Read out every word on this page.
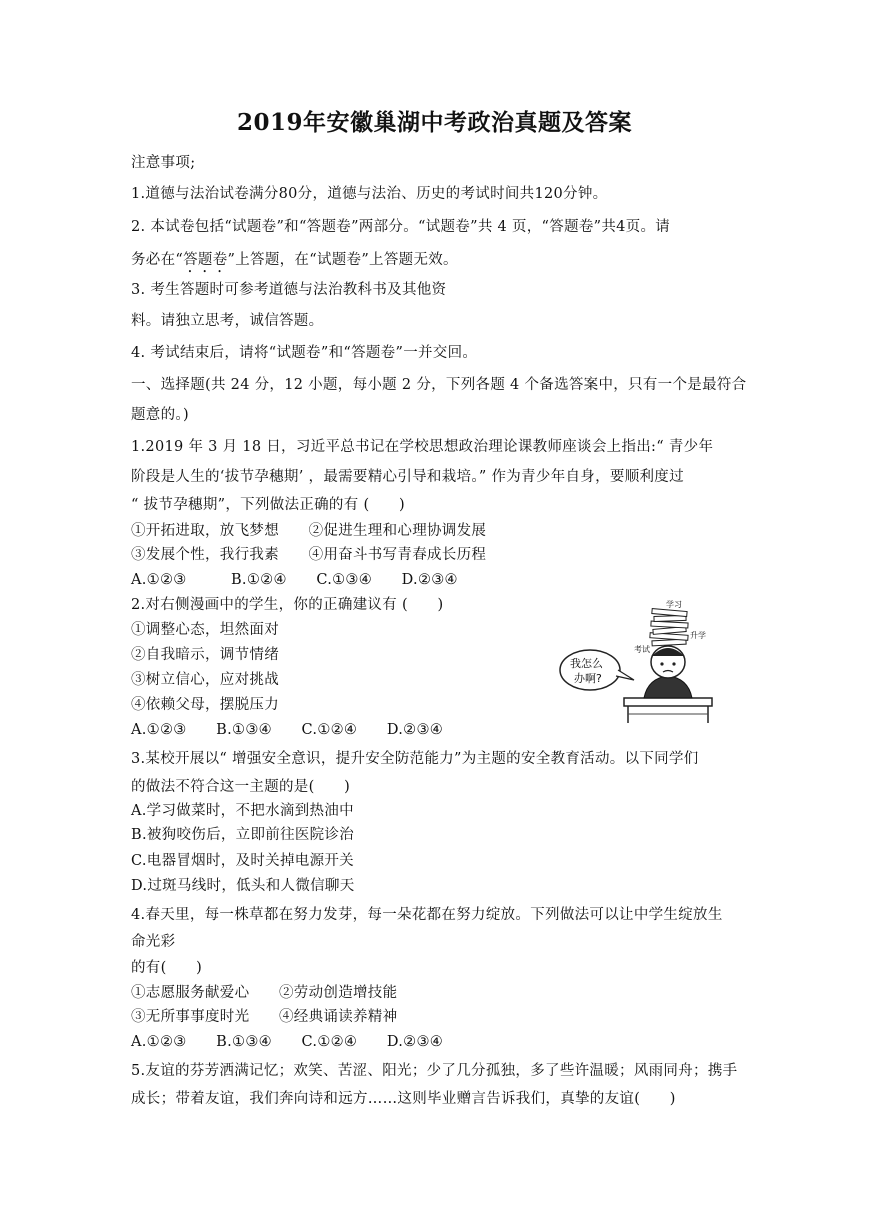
2019年安徽巢湖中考政治真题及答案
注意事项;
1.道德与法治试卷满分80分，道德与法治、历史的考试时间共120分钟。
2. 本试卷包括“试题卷”和“答题卷”两部分。“试题卷”共 4 页，“答题卷”共4页。请
务必在“答题卷”上答题，在“试题卷”上答题无效。
3. 考生答题时可参考道德与法治教科书及其他资
料。请独立思考，诚信答题。
4. 考试结束后，请将“试题卷”和“答题卷”一并交回。
一、选择题(共 24 分，12 小题，每小题 2 分，下列各题 4 个备选答案中，只有一个是最符合
题意的。)
1.2019 年 3 月 18 日，习近平总书记在学校思想政治理论课教师座谈会上指出:“ 青少年
阶段是人生的‘拔节孕穗期’ ，最需要精心引导和栽培。” 作为青少年自身，要顺利度过
“ 拔节孕穗期”，下列做法正确的有 (　　)
①开拓进取，放飞梦想　　②促进生理和心理协调发展
③发展个性，我行我素　　④用奋斗书写青春成长历程
A.①②③　　　B.①②④　　C.①③④　　D.②③④
2.对右侧漫画中的学生，你的正确建议有 (　　)
①调整心态，坦然面对
②自我暗示，调节情绪
③树立信心，应对挑战
④依赖父母，摆脱压力
A.①②③　　B.①③④　　C.①②④　　D.②③④
学习
考试
升学
我怎么
办啊?
3.某校开展以“ 增强安全意识，提升安全防范能力”为主题的安全教育活动。以下同学们
的做法不符合这一主题的是(　　)
A.学习做菜时，不把水滴到热油中
B.被狗咬伤后，立即前往医院诊治
C.电器冒烟时，及时关掉电源开关
D.过斑马线时，低头和人微信聊天
4.春天里，每一株草都在努力发芽，每一朵花都在努力绽放。下列做法可以让中学生绽放生
命光彩
的有(　　)
①志愿服务献爱心　　②劳动创造增技能
③无所事事度时光　　④经典诵读养精神
A.①②③　　B.①③④　　C.①②④　　D.②③④
5.友谊的芬芳洒满记忆；欢笑、苦涩、阳光；少了几分孤独，多了些许温暖；风雨同舟；携手
成长；带着友谊，我们奔向诗和远方……这则毕业赠言告诉我们，真挚的友谊(　　)
